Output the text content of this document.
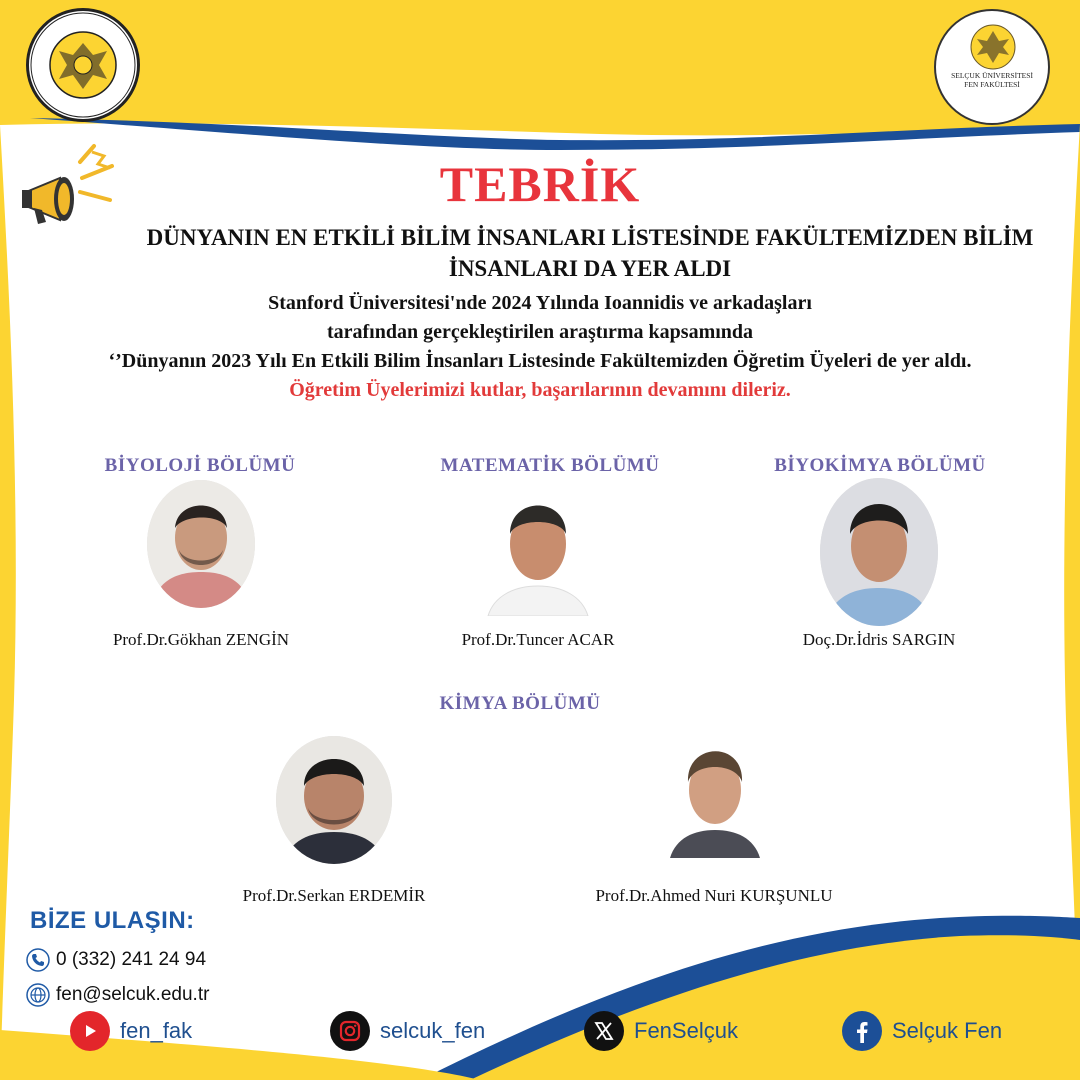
SELÇUK ÜNİVERSİTESİ
FEN FAKÜLTESİ
TEBRİK
DÜNYANIN EN ETKİLİ BİLİM İNSANLARI LİSTESİNDE FAKÜLTEMİZDEN BİLİM İNSANLARI DA YER ALDI
Stanford Üniversitesi'nde 2024 Yılında Ioannidis ve arkadaşları
tarafından gerçekleştirilen araştırma kapsamında
‘’Dünyanın 2023 Yılı En Etkili Bilim İnsanları Listesinde Fakültemizden Öğretim Üyeleri de yer aldı.
Öğretim Üyelerimizi kutlar, başarılarının devamını dileriz.
BİYOLOJİ BÖLÜMÜ	MATEMATİK BÖLÜMÜ	BİYOKİMYA BÖLÜMÜ
KİMYA BÖLÜMÜ
Prof.Dr.Gökhan ZENGİN	Prof.Dr.Tuncer ACAR	Doç.Dr.İdris SARGIN
Prof.Dr.Serkan ERDEMİR	Prof.Dr.Ahmed Nuri KURŞUNLU
BİZE ULAŞIN:
0 (332) 241 24 94
fen@selcuk.edu.tr
fen_fak	selcuk_fen	FenSelçuk	Selçuk Fen
